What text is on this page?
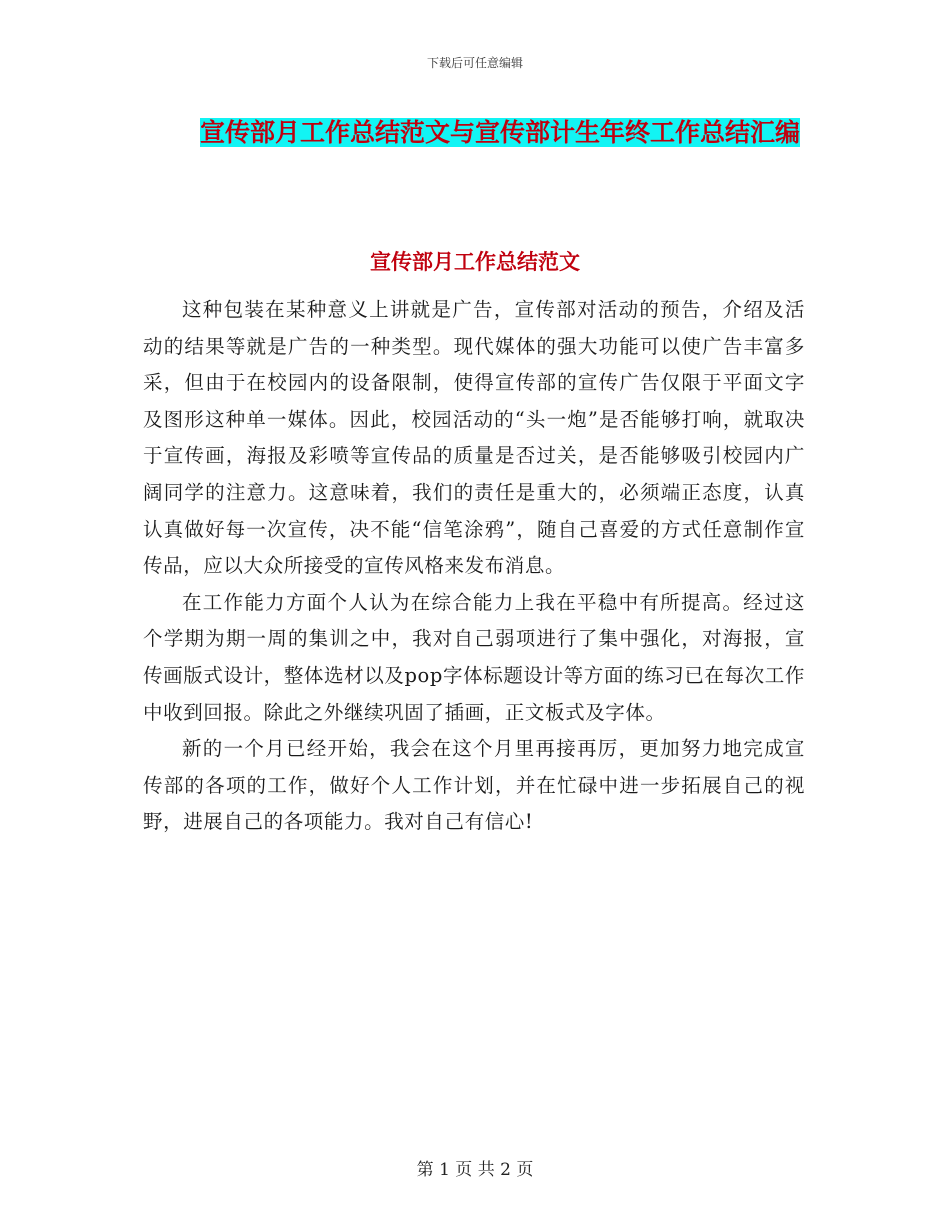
下载后可任意编辑
宣传部月工作总结范文与宣传部计生年终工作总结汇编
宣传部月工作总结范文

这种包装在某种意义上讲就是广告，宣传部对活动的预告，介绍及活动的结果等就是广告的一种类型。现代媒体的强大功能可以使广告丰富多采，但由于在校园内的设备限制，使得宣传部的宣传广告仅限于平面文字及图形这种单一媒体。因此，校园活动的“头一炮”是否能够打响，就取决于宣传画，海报及彩喷等宣传品的质量是否过关，是否能够吸引校园内广阔同学的注意力。这意味着，我们的责任是重大的，必须端正态度，认真认真做好每一次宣传，决不能“信笔涂鸦”，随自己喜爱的方式任意制作宣传品，应以大众所接受的宣传风格来发布消息。

在工作能力方面个人认为在综合能力上我在平稳中有所提高。经过这个学期为期一周的集训之中，我对自己弱项进行了集中强化，对海报，宣传画版式设计，整体选材以及pop字体标题设计等方面的练习已在每次工作中收到回报。除此之外继续巩固了插画，正文板式及字体。

新的一个月已经开始，我会在这个月里再接再厉，更加努力地完成宣传部的各项的工作，做好个人工作计划，并在忙碌中进一步拓展自己的视野，进展自己的各项能力。我对自己有信心!

第 1 页 共 2 页
